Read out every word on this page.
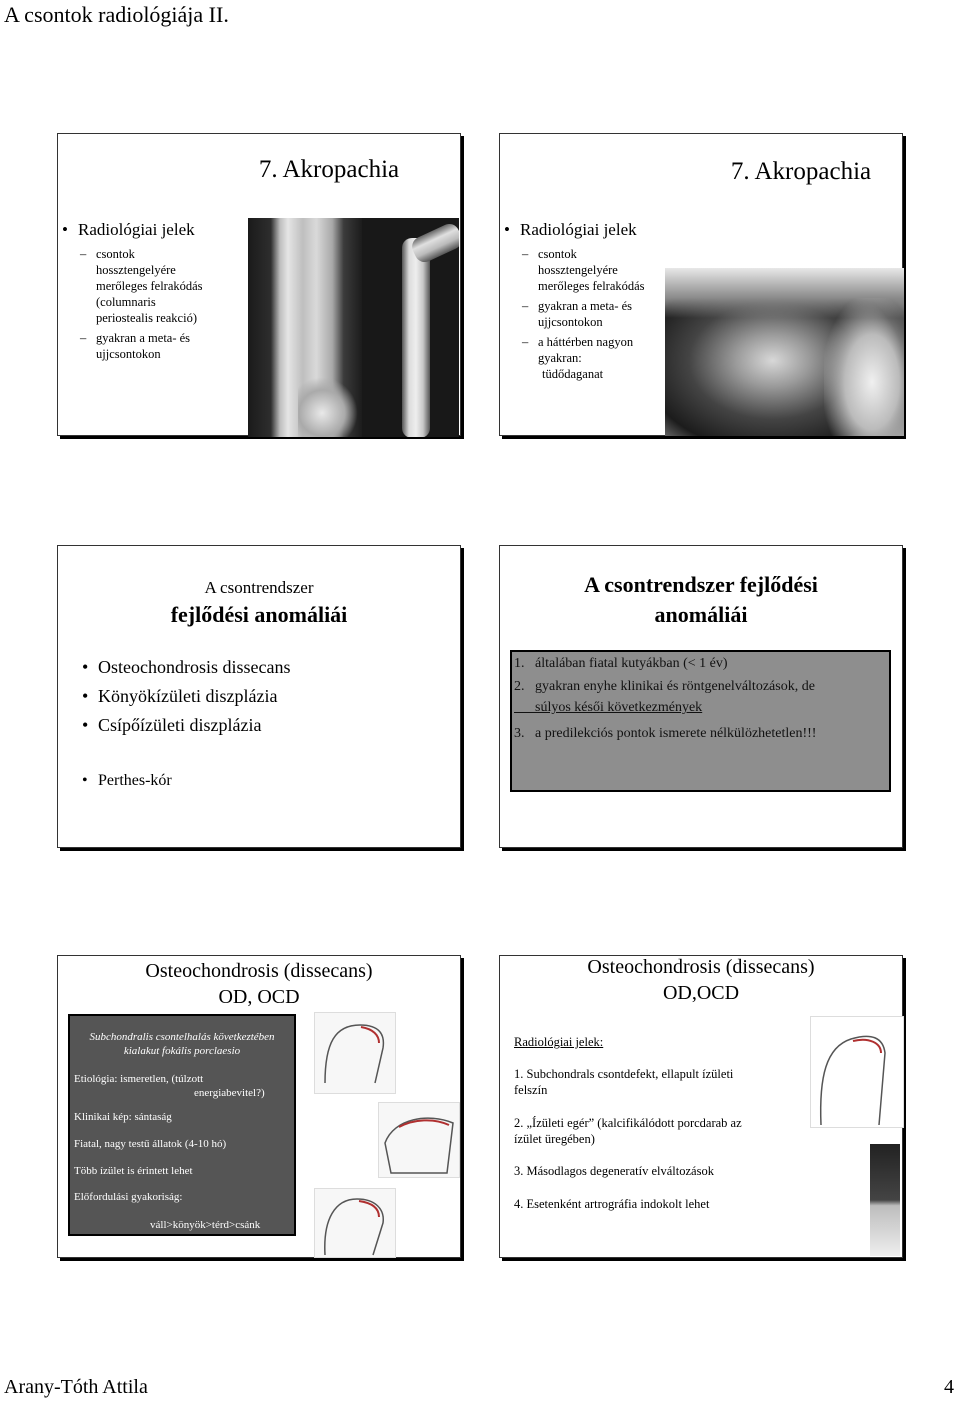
A csontok radiológiája II.
7. Akropachia
• Radiológiai jelek
– csontok
hossztengelyére
merőleges felrakódás
(columnaris
periostealis reakció)
– gyakran a meta- és
ujjcsontokon
7. Akropachia
• Radiológiai jelek
– csontok
hossztengelyére
merőleges felrakódás
– gyakran a meta- és
ujjcsontokon
– a háttérben nagyon
gyakran:
tüdődaganat
A csontrendszer
fejlődési anomáliái
• Osteochondrosis dissecans
• Könyökízületi diszplázia
• Csípőízületi diszplázia
• Perthes-kór
A csontrendszer fejlődési
anomáliái
1.   általában fiatal kutyákban (< 1 év)
2.   gyakran enyhe klinikai és röntgenelváltozások, de
súlyos késői következmények
3.   a predilekciós pontok ismerete nélkülözhetetlen!!!
Osteochondrosis (dissecans)
OD, OCD
Subchondralis csontelhalás következtében
kialakut fokális porclaesio
Etiológia: ismeretlen, (túlzott
energiabevitel?)
Klinikai kép: sántaság
Fiatal, nagy testű állatok (4-10 hó)
Több ízület is érintett lehet
Előfordulási gyakoriság:
váll>könyök>térd>csánk
Osteochondrosis (dissecans)
OD,OCD
Radiológiai jelek:
1. Subchondrals csontdefekt, ellapult ízületi
felszín
2. „Ízületi egér” (kalcifikálódott porcdarab az
ízület üregében)
3. Másodlagos degeneratív elváltozások
4. Esetenként artrográfia indokolt lehet
Arany-Tóth Attila	4
